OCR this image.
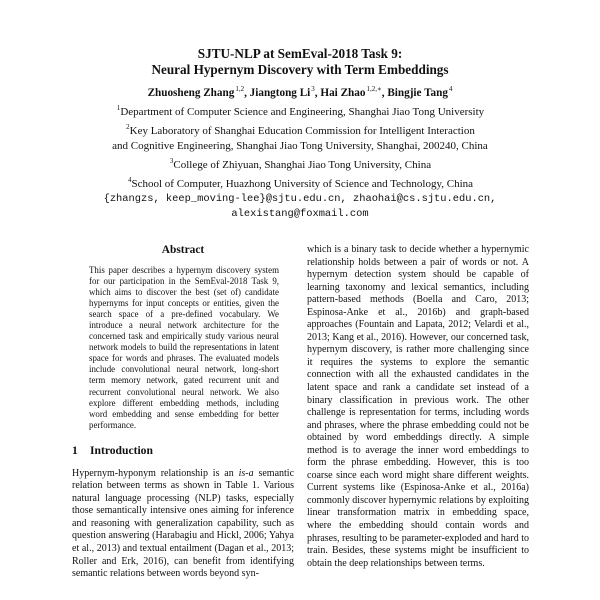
SJTU-NLP at SemEval-2018 Task 9:
Neural Hypernym Discovery with Term Embeddings
Zhuosheng Zhang$^{1,2}$, Jiangtong Li$^3$, Hai Zhao$^{1,2,∗}$, Bingjie Tang$^4$
$^1$Department of Computer Science and Engineering, Shanghai Jiao Tong University
$^2$Key Laboratory of Shanghai Education Commission for Intelligent Interaction
and Cognitive Engineering, Shanghai Jiao Tong University, Shanghai, 200240, China
$^3$College of Zhiyuan, Shanghai Jiao Tong University, China
$^4$School of Computer, Huazhong University of Science and Technology, China
{zhangzs, keep_moving-lee}@sjtu.edu.cn, zhaohai@cs.sjtu.edu.cn,
alexistang@foxmail.com
Abstract

This paper describes a hypernym discovery system for our participation in the SemEval-2018 Task 9, which aims to discover the best (set of) candidate hypernyms for input concepts or entities, given the search space of a pre-defined vocabulary. We introduce a neural network architecture for the concerned task and empirically study various neural network models to build the representations in latent space for words and phrases. The evaluated models include convolutional neural network, long-short term memory network, gated recurrent unit and recurrent convolutional neural network. We also explore different embedding methods, including word embedding and sense embedding for better performance.

1 Introduction

Hypernym-hyponym relationship is an is-a semantic relation between terms as shown in Table 1. Various natural language processing (NLP) tasks, especially those semantically intensive ones aiming for inference and reasoning with generalization capability, such as question answering (Harabagiu and Hickl, 2006; Yahya et al., 2013) and textual entailment (Dagan et al., 2013; Roller and Erk, 2016), can benefit from identifying semantic relations between words beyond syn-

which is a binary task to decide whether a hypernymic relationship holds between a pair of words or not. A hypernym detection system should be capable of learning taxonomy and lexical semantics, including pattern-based methods (Boella and Caro, 2013; Espinosa-Anke et al., 2016b) and graph-based approaches (Fountain and Lapata, 2012; Velardi et al., 2013; Kang et al., 2016). However, our concerned task, hypernym discovery, is rather more challenging since it requires the systems to explore the semantic connection with all the exhausted candidates in the latent space and rank a candidate set instead of a binary classification in previous work. The other challenge is representation for terms, including words and phrases, where the phrase embedding could not be obtained by word embeddings directly. A simple method is to average the inner word embeddings to form the phrase embedding. However, this is too coarse since each word might share different weights. Current systems like (Espinosa-Anke et al., 2016a) commonly discover hypernymic relations by exploiting linear transformation matrix in embedding space, where the embedding should contain words and phrases, resulting to be parameter-exploded and hard to train. Besides, these systems might be insufficient to obtain the deep relationships between terms.
